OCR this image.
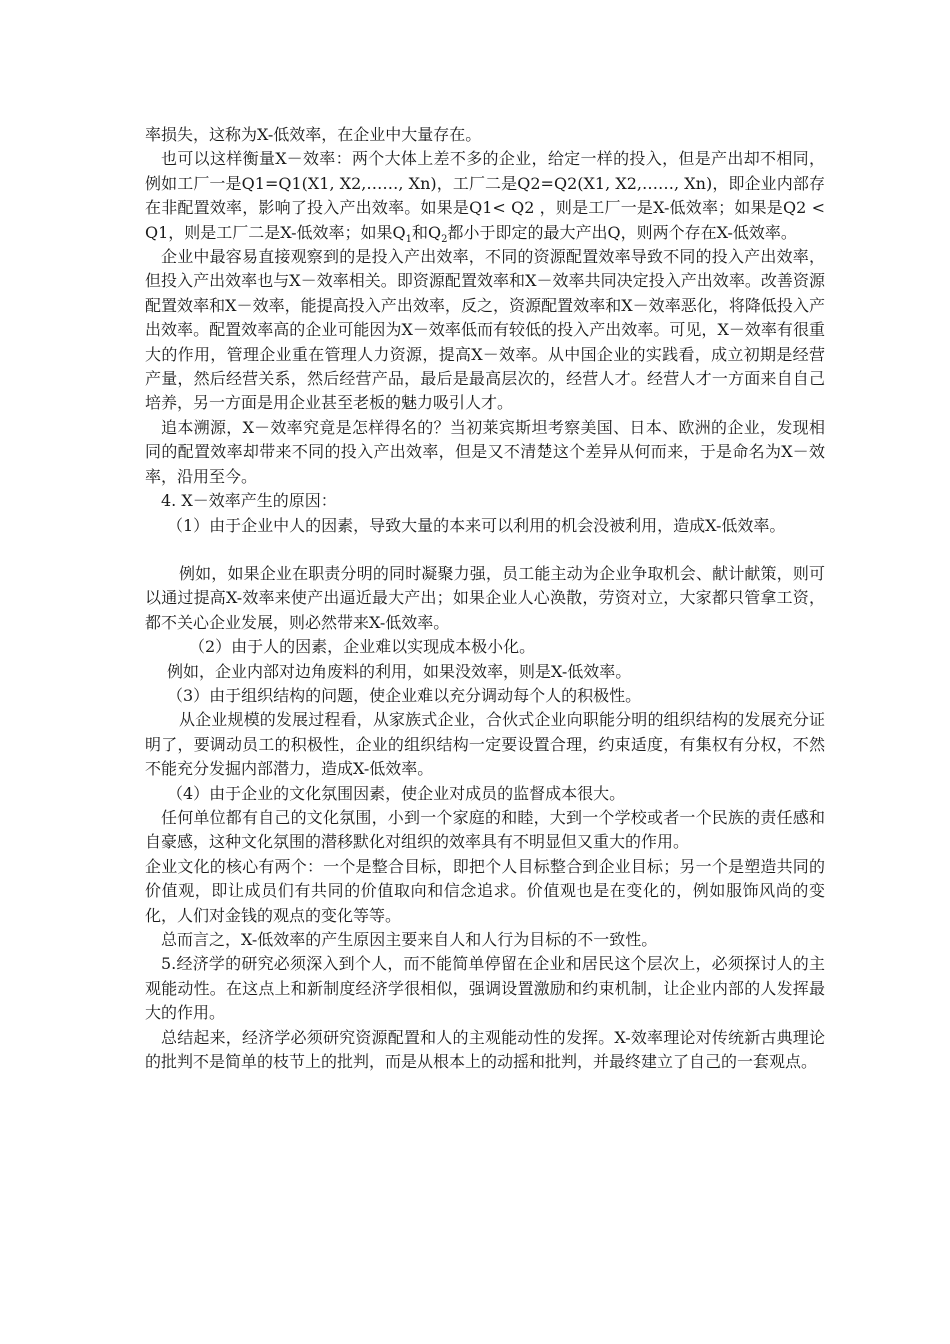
率损失，这称为X-低效率，在企业中大量存在。

也可以这样衡量X－效率：两个大体上差不多的企业，给定一样的投入，但是产出却不相同，例如工厂一是Q1=Q1(X1, X2,……, Xn)，工厂二是Q2=Q2(X1, X2,……, Xn)，即企业内部存在非配置效率，影响了投入产出效率。如果是Q1< Q2 ，则是工厂一是X-低效率；如果是Q2 <Q1，则是工厂二是X-低效率；如果$Q_1$和$Q_2$都小于即定的最大产出Q，则两个存在X-低效率。

企业中最容易直接观察到的是投入产出效率，不同的资源配置效率导致不同的投入产出效率，但投入产出效率也与X－效率相关。即资源配置效率和X－效率共同决定投入产出效率。改善资源配置效率和X－效率，能提高投入产出效率，反之，资源配置效率和X－效率恶化，将降低投入产出效率。配置效率高的企业可能因为X－效率低而有较低的投入产出效率。可见，X－效率有很重大的作用，管理企业重在管理人力资源，提高X－效率。从中国企业的实践看，成立初期是经营产量，然后经营关系，然后经营产品，最后是最高层次的，经营人才。经营人才一方面来自自己培养，另一方面是用企业甚至老板的魅力吸引人才。

追本溯源，X－效率究竟是怎样得名的？当初莱宾斯坦考察美国、日本、欧洲的企业，发现相同的配置效率却带来不同的投入产出效率，但是又不清楚这个差异从何而来，于是命名为X－效率，沿用至今。

4. X－效率产生的原因：

（1）由于企业中人的因素，导致大量的本来可以利用的机会没被利用，造成X-低效率。

例如，如果企业在职责分明的同时凝聚力强，员工能主动为企业争取机会、献计献策，则可以通过提高X-效率来使产出逼近最大产出；如果企业人心涣散，劳资对立，大家都只管拿工资，都不关心企业发展，则必然带来X-低效率。

（2）由于人的因素，企业难以实现成本极小化。

例如，企业内部对边角废料的利用，如果没效率，则是X-低效率。

（3）由于组织结构的问题，使企业难以充分调动每个人的积极性。

从企业规模的发展过程看，从家族式企业，合伙式企业向职能分明的组织结构的发展充分证明了，要调动员工的积极性，企业的组织结构一定要设置合理，约束适度，有集权有分权，不然不能充分发掘内部潜力，造成X-低效率。

（4）由于企业的文化氛围因素，使企业对成员的监督成本很大。

任何单位都有自己的文化氛围，小到一个家庭的和睦，大到一个学校或者一个民族的责任感和自豪感，这种文化氛围的潜移默化对组织的效率具有不明显但又重大的作用。

企业文化的核心有两个：一个是整合目标，即把个人目标整合到企业目标；另一个是塑造共同的价值观，即让成员们有共同的价值取向和信念追求。价值观也是在变化的，例如服饰风尚的变化，人们对金钱的观点的变化等等。

总而言之，X-低效率的产生原因主要来自人和人行为目标的不一致性。

5.经济学的研究必须深入到个人，而不能简单停留在企业和居民这个层次上，必须探讨人的主观能动性。在这点上和新制度经济学很相似，强调设置激励和约束机制，让企业内部的人发挥最大的作用。

总结起来，经济学必须研究资源配置和人的主观能动性的发挥。X-效率理论对传统新古典理论的批判不是简单的枝节上的批判，而是从根本上的动摇和批判，并最终建立了自己的一套观点。
